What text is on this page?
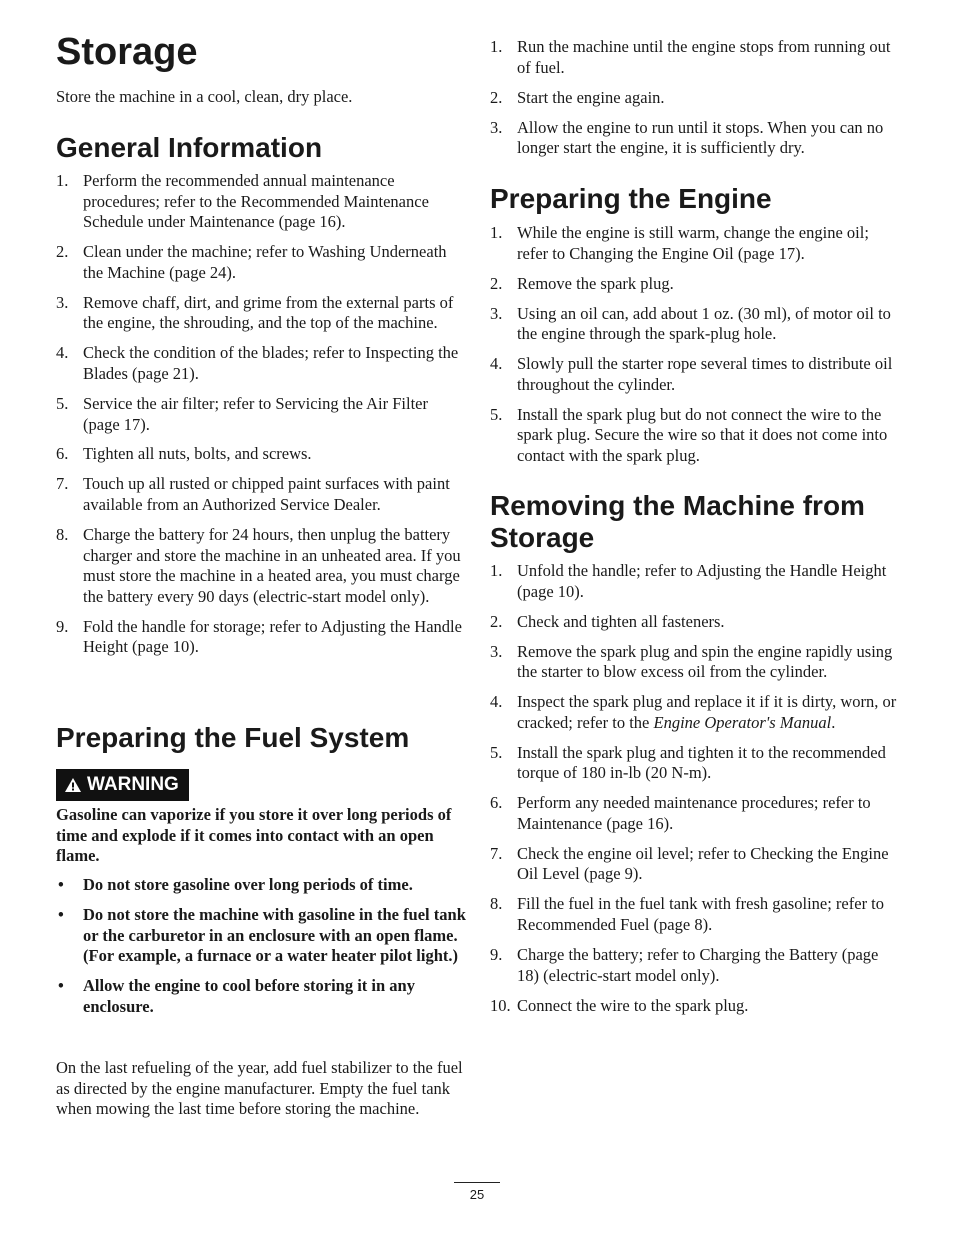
Storage

Store the machine in a cool, clean, dry place.

General Information
1. Perform the recommended annual maintenance procedures; refer to the Recommended Maintenance Schedule under Maintenance (page 16).
2. Clean under the machine; refer to Washing Underneath the Machine (page 24).
3. Remove chaff, dirt, and grime from the external parts of the engine, the shrouding, and the top of the machine.
4. Check the condition of the blades; refer to Inspecting the Blades (page 21).
5. Service the air filter; refer to Servicing the Air Filter (page 17).
6. Tighten all nuts, bolts, and screws.
7. Touch up all rusted or chipped paint surfaces with paint available from an Authorized Service Dealer.
8. Charge the battery for 24 hours, then unplug the battery charger and store the machine in an unheated area. If you must store the machine in a heated area, you must charge the battery every 90 days (electric-start model only).
9. Fold the handle for storage; refer to Adjusting the Handle Height (page 10).
Preparing the Fuel System
WARNING

Gasoline can vaporize if you store it over long periods of time and explode if it comes into contact with an open flame.

• Do not store gasoline over long periods of time.
• Do not store the machine with gasoline in the fuel tank or the carburetor in an enclosure with an open flame. (For example, a furnace or a water heater pilot light.)
• Allow the engine to cool before storing it in any enclosure.

On the last refueling of the year, add fuel stabilizer to the fuel as directed by the engine manufacturer. Empty the fuel tank when mowing the last time before storing the machine.

1. Run the machine until the engine stops from running out of fuel.
2. Start the engine again.
3. Allow the engine to run until it stops. When you can no longer start the engine, it is sufficiently dry.
Preparing the Engine
1. While the engine is still warm, change the engine oil; refer to Changing the Engine Oil (page 17).
2. Remove the spark plug.
3. Using an oil can, add about 1 oz. (30 ml), of motor oil to the engine through the spark-plug hole.
4. Slowly pull the starter rope several times to distribute oil throughout the cylinder.
5. Install the spark plug but do not connect the wire to the spark plug. Secure the wire so that it does not come into contact with the spark plug.
Removing the Machine from Storage
1. Unfold the handle; refer to Adjusting the Handle Height (page 10).
2. Check and tighten all fasteners.
3. Remove the spark plug and spin the engine rapidly using the starter to blow excess oil from the cylinder.
4. Inspect the spark plug and replace it if it is dirty, worn, or cracked; refer to the Engine Operator's Manual.
5. Install the spark plug and tighten it to the recommended torque of 180 in-lb (20 N-m).
6. Perform any needed maintenance procedures; refer to Maintenance (page 16).
7. Check the engine oil level; refer to Checking the Engine Oil Level (page 9).
8. Fill the fuel in the fuel tank with fresh gasoline; refer to Recommended Fuel (page 8).
9. Charge the battery; refer to Charging the Battery (page 18) (electric-start model only).
10. Connect the wire to the spark plug.
25
